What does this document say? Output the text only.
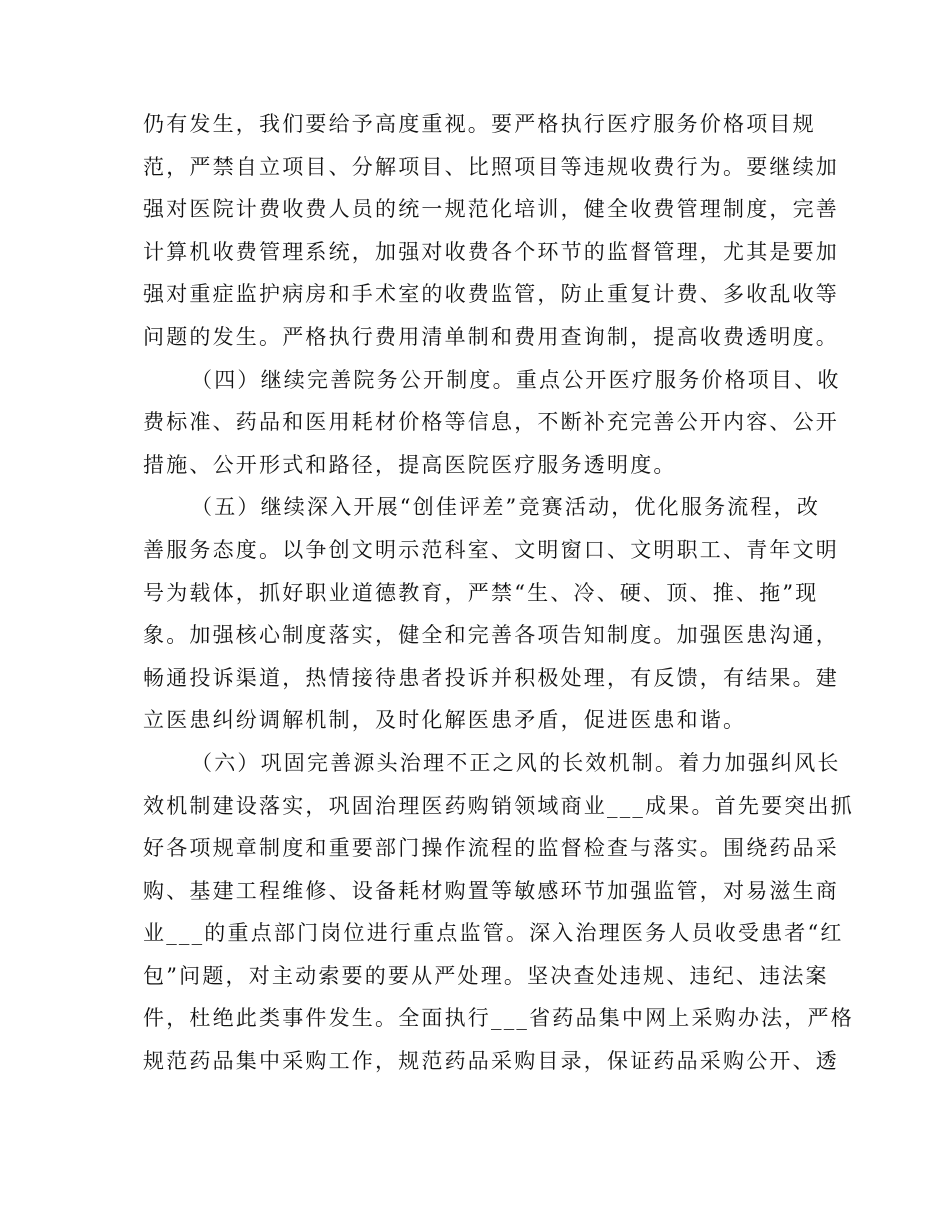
仍有发生，我们要给予高度重视。要严格执行医疗服务价格项目规
范，严禁自立项目、分解项目、比照项目等违规收费行为。要继续加
强对医院计费收费人员的统一规范化培训，健全收费管理制度，完善
计算机收费管理系统，加强对收费各个环节的监督管理，尤其是要加
强对重症监护病房和手术室的收费监管，防止重复计费、多收乱收等
问题的发生。严格执行费用清单制和费用查询制，提高收费透明度。
（四）继续完善院务公开制度。重点公开医疗服务价格项目、收
费标准、药品和医用耗材价格等信息，不断补充完善公开内容、公开
措施、公开形式和路径，提高医院医疗服务透明度。
（五）继续深入开展“创佳评差”竞赛活动，优化服务流程，改
善服务态度。以争创文明示范科室、文明窗口、文明职工、青年文明
号为载体，抓好职业道德教育，严禁“生、冷、硬、顶、推、拖”现
象。加强核心制度落实，健全和完善各项告知制度。加强医患沟通，
畅通投诉渠道，热情接待患者投诉并积极处理，有反馈，有结果。建
立医患纠纷调解机制，及时化解医患矛盾，促进医患和谐。
（六）巩固完善源头治理不正之风的长效机制。着力加强纠风长
效机制建设落实，巩固治理医药购销领域商业___成果。首先要突出抓
好各项规章制度和重要部门操作流程的监督检查与落实。围绕药品采
购、基建工程维修、设备耗材购置等敏感环节加强监管，对易滋生商
业___的重点部门岗位进行重点监管。深入治理医务人员收受患者“红
包”问题，对主动索要的要从严处理。坚决查处违规、违纪、违法案
件，杜绝此类事件发生。全面执行___省药品集中网上采购办法，严格
规范药品集中采购工作，规范药品采购目录，保证药品采购公开、透
